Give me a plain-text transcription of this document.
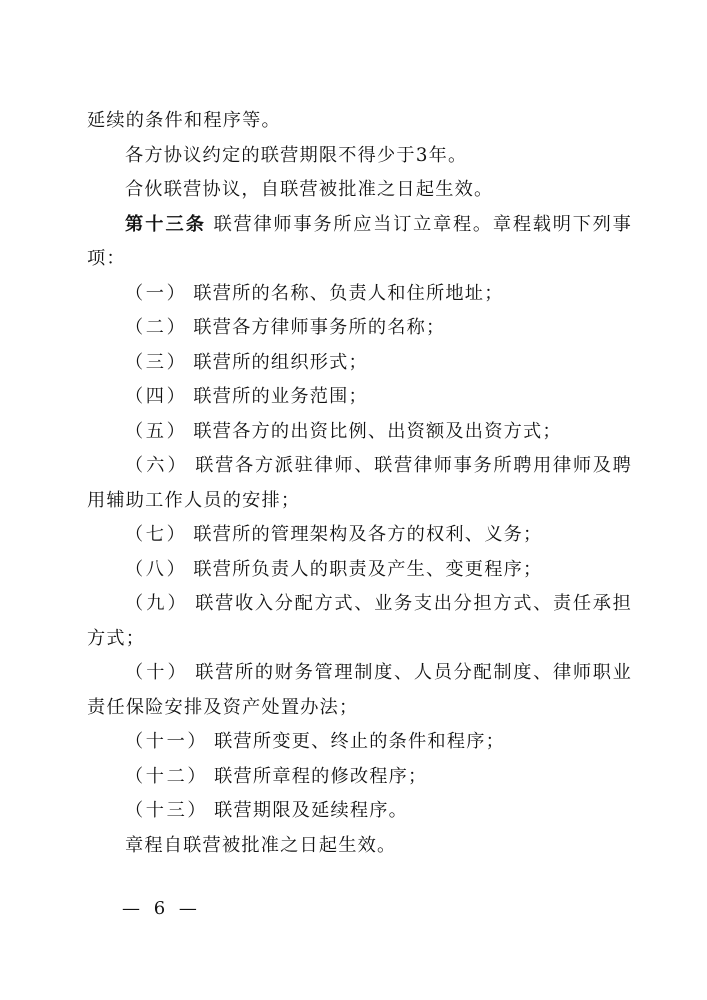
延续的条件和程序等。

各方协议约定的联营期限不得少于3年。

合伙联营协议，自联营被批准之日起生效。

第十三条 联营律师事务所应当订立章程。章程载明下列事项：

（一） 联营所的名称、负责人和住所地址；

（二） 联营各方律师事务所的名称；

（三） 联营所的组织形式；

（四） 联营所的业务范围；

（五） 联营各方的出资比例、出资额及出资方式；

（六） 联营各方派驻律师、联营律师事务所聘用律师及聘用辅助工作人员的安排；

（七） 联营所的管理架构及各方的权利、义务；

（八） 联营所负责人的职责及产生、变更程序；

（九） 联营收入分配方式、业务支出分担方式、责任承担方式；

（十） 联营所的财务管理制度、人员分配制度、律师职业责任保险安排及资产处置办法；

（十一） 联营所变更、终止的条件和程序；

（十二） 联营所章程的修改程序；

（十三） 联营期限及延续程序。

章程自联营被批准之日起生效。

— 6 —
